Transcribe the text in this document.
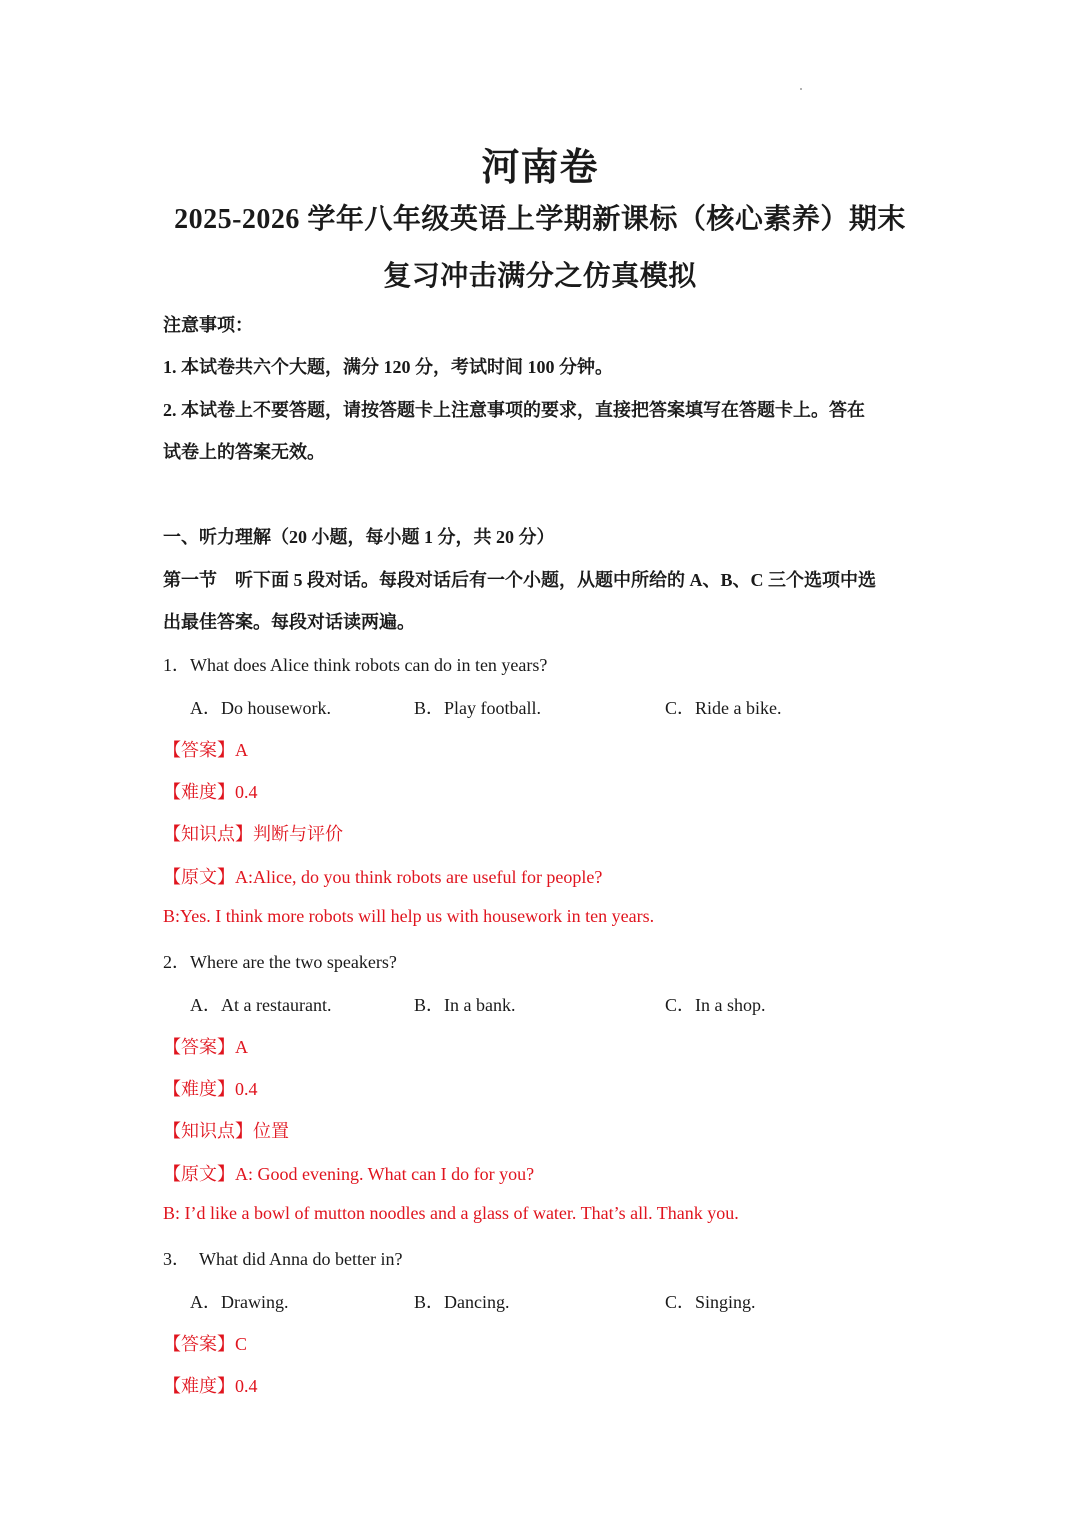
河南卷
2025-2026 学年八年级英语上学期新课标（核心素养）期末
复习冲击满分之仿真模拟
注意事项：
1. 本试卷共六个大题，满分 120 分，考试时间 100 分钟。
2. 本试卷上不要答题，请按答题卡上注意事项的要求，直接把答案填写在答题卡上。答在
试卷上的答案无效。
一、听力理解（20 小题，每小题 1 分，共 20 分）
第一节　听下面 5 段对话。每段对话后有一个小题，从题中所给的 A、B、C 三个选项中选
出最佳答案。每段对话读两遍。
1．What does Alice think robots can do in ten years?
A．Do housework.	B．Play football.	C．Ride a bike.
【答案】A
【难度】0.4
【知识点】判断与评价
【原文】A:Alice, do you think robots are useful for people?
B:Yes. I think more robots will help us with housework in ten years.
2．Where are the two speakers?
A．At a restaurant.	B．In a bank.	C．In a shop.
【答案】A
【难度】0.4
【知识点】位置
【原文】A: Good evening. What can I do for you?
B: I’d like a bowl of mutton noodles and a glass of water. That’s all. Thank you.
3．　What did Anna do better in?
A．Drawing.	B．Dancing.	C．Singing.
【答案】C
【难度】0.4
